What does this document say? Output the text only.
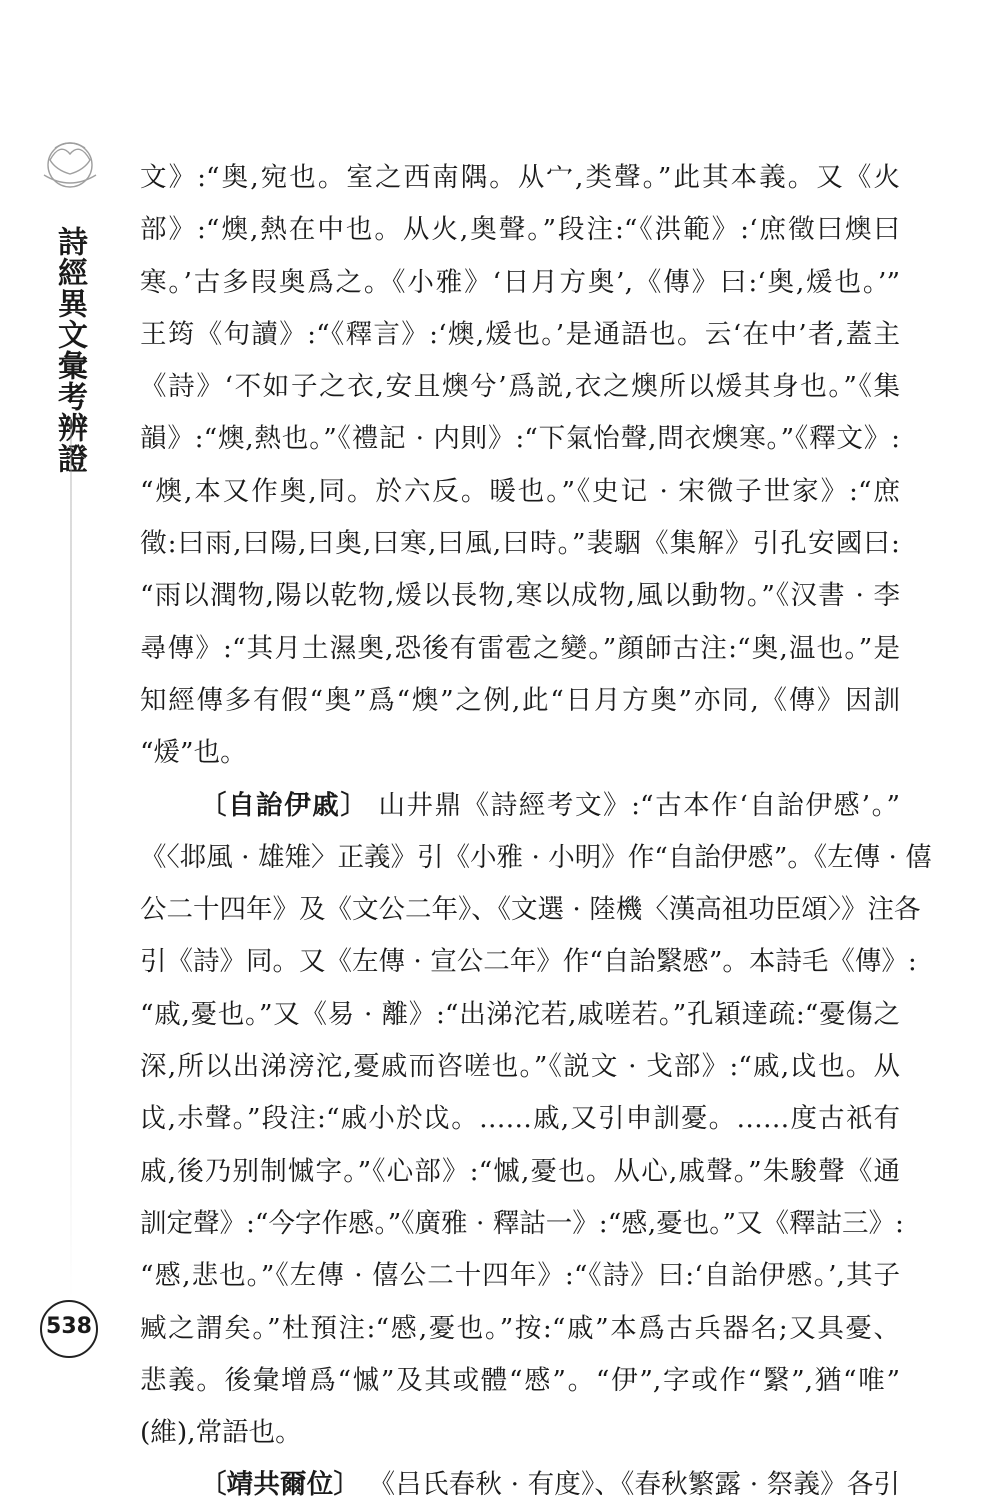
詩經異文彙考辨證
538
文》:“奥,宛也。室之西南隅。从宀,类聲。”此其本義。又《火
部》:“燠,熱在中也。从火,奥聲。”段注:“《洪範》:‘庶徵曰燠曰
寒。’古多叚奥爲之。《小雅》‘日月方奥’,《傳》曰:‘奥,煖也。’”
王筠《句讀》:“《釋言》:‘燠,煖也。’是通語也。云‘在中’者,蓋主
《詩》‘不如子之衣,安且燠兮’爲説,衣之燠所以煖其身也。”《集
韻》:“燠,熱也。”《禮記 · 内則》:“下氣怡聲,問衣燠寒。”《釋文》:
“燠,本又作奥,同。於六反。暖也。”《史记 · 宋微子世家》:“庶
徵:曰雨,曰陽,曰奥,曰寒,曰風,曰時。”裴駰《集解》引孔安國曰:
“雨以潤物,陽以乾物,煖以長物,寒以成物,風以動物。”《汉書 · 李
尋傳》:“其月土濕奥,恐後有雷雹之變。”顔師古注:“奥,温也。”是
知經傳多有假“奥”爲“燠”之例,此“日月方奥”亦同,《傳》因訓
“煖”也。
〔自詒伊戚〕 山井鼎《詩經考文》:“古本作‘自詒伊慼’。”
《〈邶風 · 雄雉〉正義》引《小雅 · 小明》作“自詒伊慼”。《左傳 · 僖
公二十四年》及《文公二年》、《文選 · 陸機〈漢高祖功臣頌〉》注各
引《詩》同。又《左傳 · 宣公二年》作“自詒繄慼”。本詩毛《傳》:
“戚,憂也。”又《易 · 離》:“出涕沱若,戚嗟若。”孔穎達疏:“憂傷之
深,所以出涕滂沱,憂戚而咨嗟也。”《説文 · 戈部》:“戚,戉也。从
戉,尗聲。”段注:“戚小於戉。……戚,又引申訓憂。……度古祇有
戚,後乃别制慽字。”《心部》:“慽,憂也。从心,戚聲。”朱駿聲《通
訓定聲》:“今字作慼。”《廣雅 · 釋詁一》:“慼,憂也。”又《釋詁三》:
“慼,悲也。”《左傳 · 僖公二十四年》:“《詩》曰:‘自詒伊慼。’,其子
臧之謂矣。”杜預注:“慼,憂也。”按:“戚”本爲古兵器名;又具憂、
悲義。後彙增爲“慽”及其或體“慼”。“伊”,字或作“繄”,猶“唯”
(維),常語也。
〔靖共爾位〕 《吕氏春秋 · 有度》、《春秋繁露 · 祭義》各引
